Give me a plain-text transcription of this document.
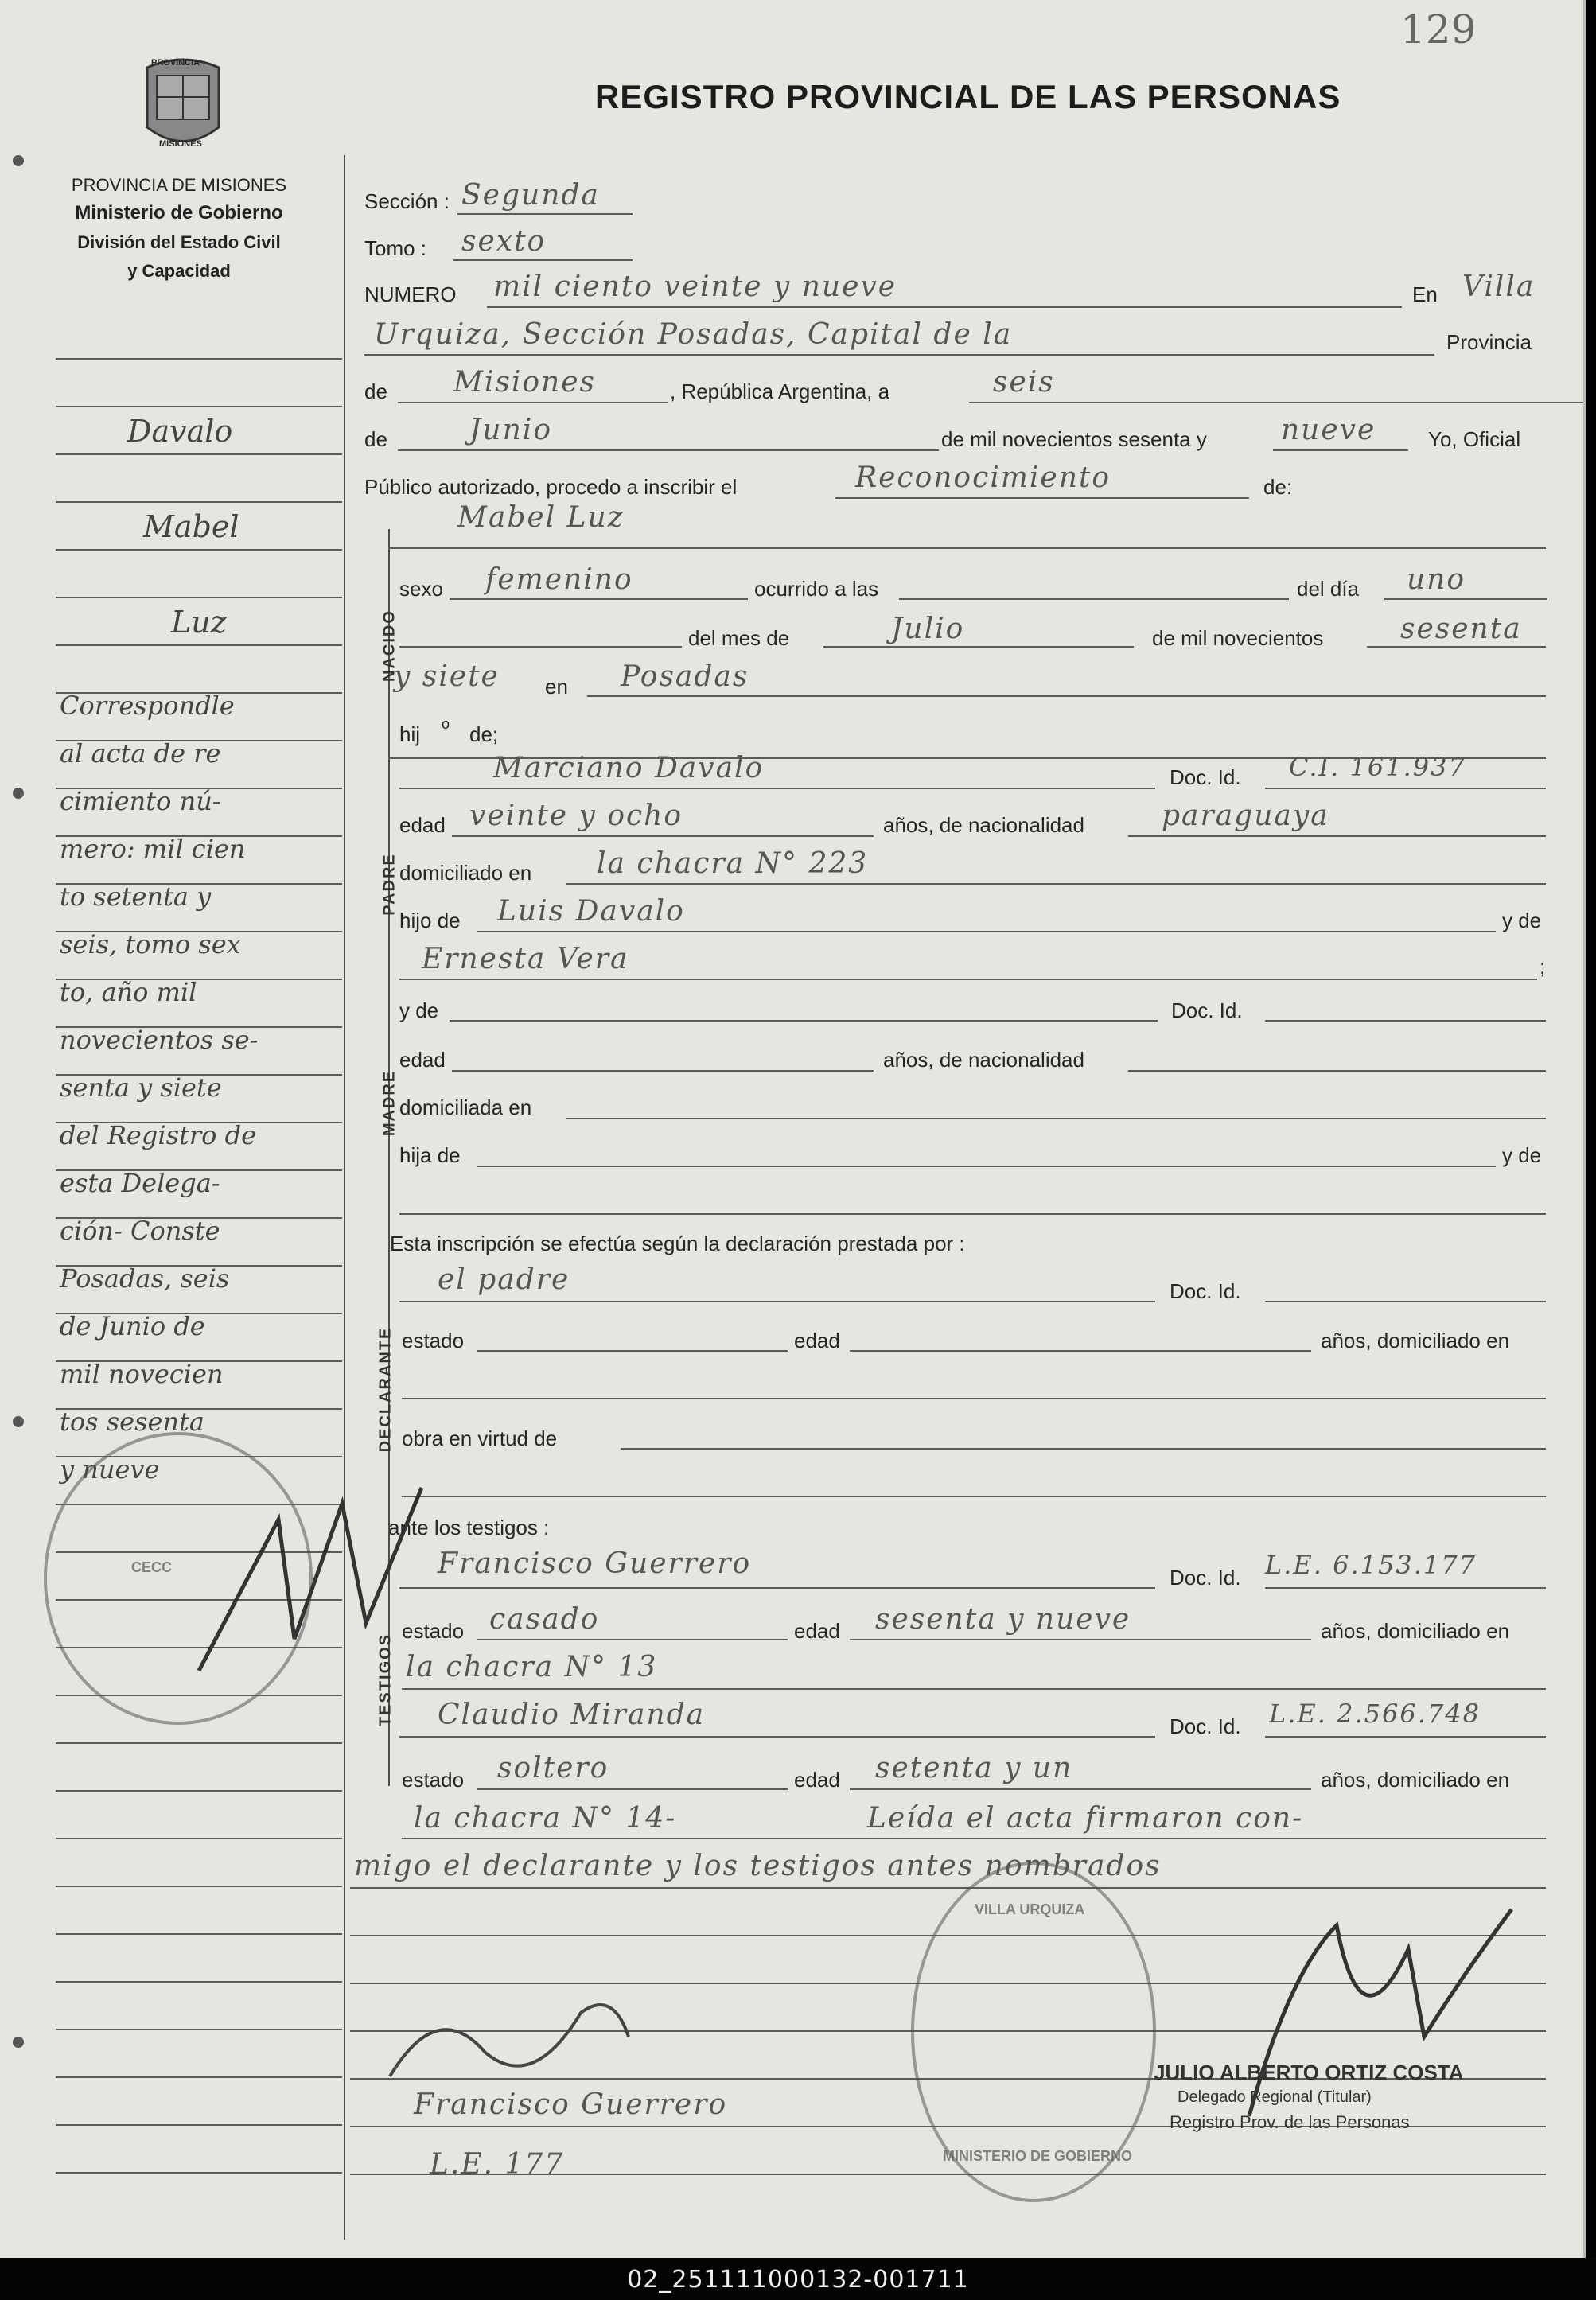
129
PROVINCIA
MISIONES
PROVINCIA DE MISIONES
Ministerio de Gobierno
División del Estado Civil
y Capacidad
REGISTRO PROVINCIAL DE LAS PERSONAS
Davalo
Mabel
Luz
Correspondle
al acta de re
cimiento nú-
mero: mil cien
to setenta y
seis, tomo sex
to, año mil
novecientos se-
senta y siete
del Registro de
esta Delega-
ción- Conste
Posadas, seis
de Junio de
mil novecien
tos sesenta
y nueve
Sección : Segunda
Tomo : sexto
NUMERO mil ciento veinte y nueve	En Villa
Urquiza, Sección Posadas, Capital de la	Provincia
de Misiones	, República Argentina, a	seis
de	Junio	de mil novecientos sesenta y	nueve	Yo, Oficial
Público autorizado, procedo a inscribir el	Reconocimiento	de:
Mabel Luz
NACIDO
sexo femenino	ocurrido a las	del día uno
del mes de	Julio	de mil novecientos	sesenta
y siete en Posadas
hij o de;
PADRE
Marciano Davalo	Doc. Id. C.I. 161.937
edad veinte y ocho	años, de nacionalidad	paraguaya
domiciliado en la chacra N° 223
hijo de Luis Davalo	y de
Ernesta Vera	;
y de	Doc. Id.
MADRE
edad	años, de nacionalidad
domiciliada en
hija de	y de
Esta inscripción se efectúa según la declaración prestada por :
DECLARANTE
el padre	Doc. Id.
estado	edad	años, domiciliado en
obra en virtud de
ante los testigos :
TESTIGOS
Francisco Guerrero	Doc. Id. L.E. 6.153.177
estado casado	edad sesenta y nueve	años, domiciliado en
la chacra N° 13
Claudio Miranda	Doc. Id. L.E. 2.566.748
estado soltero	edad setenta y un	años, domiciliado en
la chacra N° 14-	Leída el acta firmaron con-
migo el declarante y los testigos antes nombrados
CECC
VILLA URQUIZA
MINISTERIO DE GOBIERNO
Francisco Guerrero
L.E. 177
JULIO ALBERTO ORTIZ COSTA
Delegado Regional (Titular)
Registro Prov. de las Personas
02_251111000132-001711
